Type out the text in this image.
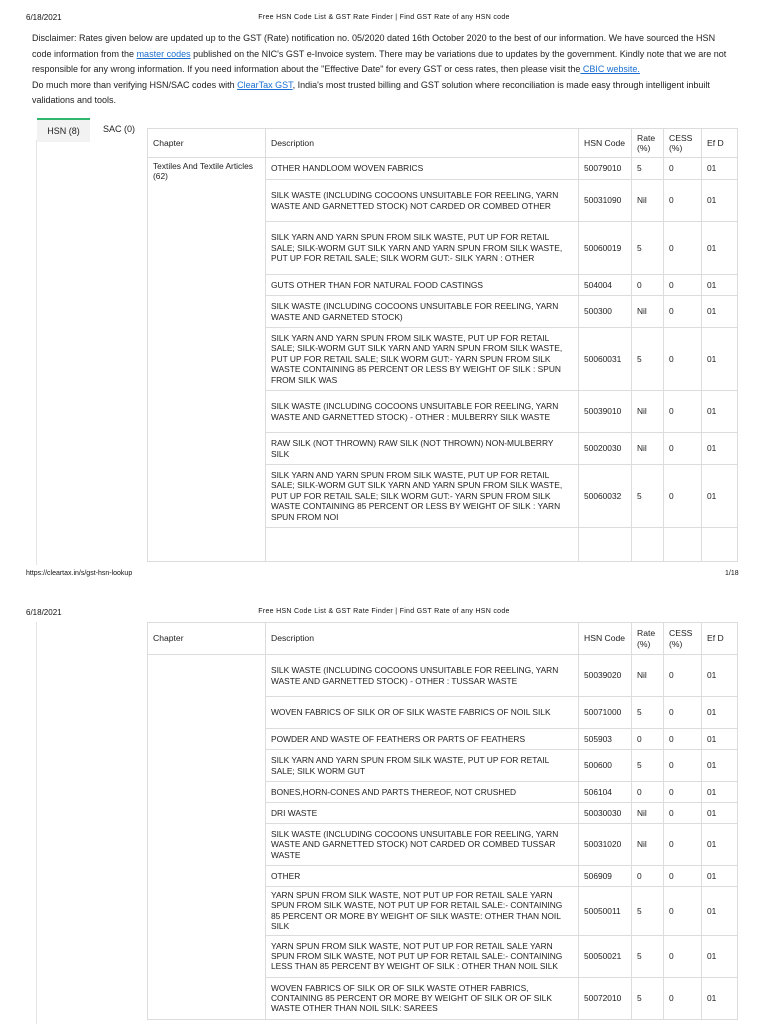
6/18/2021	Free HSN Code List & GST Rate Finder | Find GST Rate of any HSN code
Disclaimer: Rates given below are updated up to the GST (Rate) notification no. 05/2020 dated 16th October 2020 to the best of our information. We have sourced the HSN code information from the master codes published on the NIC's GST e-Invoice system. There may be variations due to updates by the government. Kindly note that we are not responsible for any wrong information. If you need information about the "Effective Date" for every GST or cess rates, then please visit the CBIC website.
Do much more than verifying HSN/SAC codes with ClearTax GST, India's most trusted billing and GST solution where reconciliation is made easy through intelligent inbuilt validations and tools.
HSN (8)	SAC (0)
Chapter	Description	HSN Code	Rate (%)	CESS (%)	Ef D
Textiles And Textile Articles (62)	OTHER HANDLOOM WOVEN FABRICS	50079010	5	0	01
	SILK WASTE (INCLUDING COCOONS UNSUITABLE FOR REELING, YARN WASTE AND GARNETTED STOCK) NOT CARDED OR COMBED OTHER	50031090	Nil	0	01
	SILK YARN AND YARN SPUN FROM SILK WASTE, PUT UP FOR RETAIL SALE; SILK-WORM GUT SILK YARN AND YARN SPUN FROM SILK WASTE, PUT UP FOR RETAIL SALE; SILK WORM GUT:- SILK YARN : OTHER	50060019	5	0	01
	GUTS OTHER THAN FOR NATURAL FOOD CASTINGS	504004	0	0	01
	SILK WASTE (INCLUDING COCOONS UNSUITABLE FOR REELING, YARN WASTE AND GARNETED STOCK)	500300	Nil	0	01
	SILK YARN AND YARN SPUN FROM SILK WASTE, PUT UP FOR RETAIL SALE; SILK-WORM GUT SILK YARN AND YARN SPUN FROM SILK WASTE, PUT UP FOR RETAIL SALE; SILK WORM GUT:- YARN SPUN FROM SILK WASTE CONTAINING 85 PERCENT OR LESS BY WEIGHT OF SILK : SPUN FROM SILK WAS	50060031	5	0	01
	SILK WASTE (INCLUDING COCOONS UNSUITABLE FOR REELING, YARN WASTE AND GARNETTED STOCK) - OTHER : MULBERRY SILK WASTE	50039010	Nil	0	01
	RAW SILK (NOT THROWN) RAW SILK (NOT THROWN) NON-MULBERRY SILK	50020030	Nil	0	01
	SILK YARN AND YARN SPUN FROM SILK WASTE, PUT UP FOR RETAIL SALE; SILK-WORM GUT SILK YARN AND YARN SPUN FROM SILK WASTE, PUT UP FOR RETAIL SALE; SILK WORM GUT:- YARN SPUN FROM SILK WASTE CONTAINING 85 PERCENT OR LESS BY WEIGHT OF SILK : YARN SPUN FROM NOI	50060032	5	0	01

https://cleartax.in/s/gst-hsn-lookup	1/18
6/18/2021	Free HSN Code List & GST Rate Finder | Find GST Rate of any HSN code
Chapter	Description	HSN Code	Rate (%)	CESS (%)	Ef D
	SILK WASTE (INCLUDING COCOONS UNSUITABLE FOR REELING, YARN WASTE AND GARNETTED STOCK) - OTHER : TUSSAR WASTE	50039020	Nil	0	01
	WOVEN FABRICS OF SILK OR OF SILK WASTE FABRICS OF NOIL SILK	50071000	5	0	01
	POWDER AND WASTE OF FEATHERS OR PARTS OF FEATHERS	505903	0	0	01
	SILK YARN AND YARN SPUN FROM SILK WASTE, PUT UP FOR RETAIL SALE; SILK WORM GUT	500600	5	0	01
	BONES,HORN-CONES AND PARTS THEREOF, NOT CRUSHED	506104	0	0	01
	DRI WASTE	50030030	Nil	0	01
	SILK WASTE (INCLUDING COCOONS UNSUITABLE FOR REELING, YARN WASTE AND GARNETTED STOCK) NOT CARDED OR COMBED TUSSAR WASTE	50031020	Nil	0	01
	OTHER	506909	0	0	01
	YARN SPUN FROM SILK WASTE, NOT PUT UP FOR RETAIL SALE YARN SPUN FROM SILK WASTE, NOT PUT UP FOR RETAIL SALE:- CONTAINING 85 PERCENT OR MORE BY WEIGHT OF SILK WASTE: OTHER THAN NOIL SILK	50050011	5	0	01
	YARN SPUN FROM SILK WASTE, NOT PUT UP FOR RETAIL SALE YARN SPUN FROM SILK WASTE, NOT PUT UP FOR RETAIL SALE:- CONTAINING LESS THAN 85 PERCENT BY WEIGHT OF SILK : OTHER THAN NOIL SILK	50050021	5	0	01
	WOVEN FABRICS OF SILK OR OF SILK WASTE OTHER FABRICS, CONTAINING 85 PERCENT OR MORE BY WEIGHT OF SILK OR OF SILK WASTE OTHER THAN NOIL SILK: SAREES	50072010	5	0	01
